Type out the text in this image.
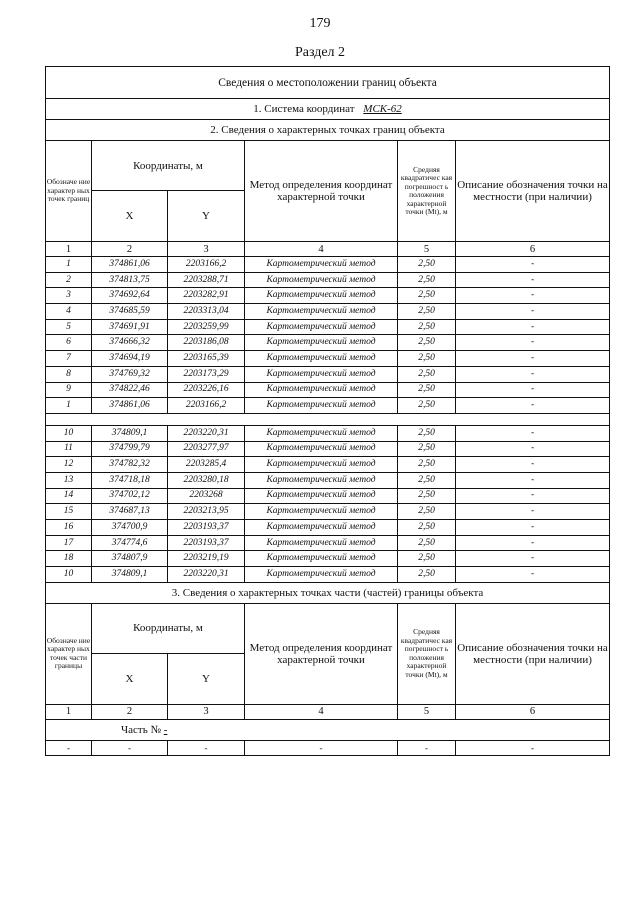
179
Раздел 2
Сведения о местоположении границ объекта					
1. Система координат МСК-62					
2. Сведения о характерных точках границ объекта					
Обозначе ние характер ных точек границ	Координаты, м		Метод определения координат характерной точки	Средняя квадратичес кая погрешност ь положения характерной точки (Mt), м	Описание обозначения точки на местности (при наличии)
	X	Y			
1	2	3	4	5	6
1	374861,06	2203166,2	Картометрический метод	2,50	-
2	374813,75	2203288,71	Картометрический метод	2,50	-
3	374692,64	2203282,91	Картометрический метод	2,50	-
4	374685,59	2203313,04	Картометрический метод	2,50	-
5	374691,91	2203259,99	Картометрический метод	2,50	-
6	374666,32	2203186,08	Картометрический метод	2,50	-
7	374694,19	2203165,39	Картометрический метод	2,50	-
8	374769,32	2203173,29	Картометрический метод	2,50	-
9	374822,46	2203226,16	Картометрический метод	2,50	-
1	374861,06	2203166,2	Картометрический метод	2,50	-

10	374809,1	2203220,31	Картометрический метод	2,50	-
11	374799,79	2203277,97	Картометрический метод	2,50	-
12	374782,32	2203285,4	Картометрический метод	2,50	-
13	374718,18	2203280,18	Картометрический метод	2,50	-
14	374702,12	2203268	Картометрический метод	2,50	-
15	374687,13	2203213,95	Картометрический метод	2,50	-
16	374700,9	2203193,37	Картометрический метод	2,50	-
17	374774,6	2203193,37	Картометрический метод	2,50	-
18	374807,9	2203219,19	Картометрический метод	2,50	-
10	374809,1	2203220,31	Картометрический метод	2,50	-
3. Сведения о характерных точках части (частей) границы объекта					
Обозначе ние характер ных точек части границы	Координаты, м		Метод определения координат характерной точки	Средняя квадратичес кая погрешност ь положения характерной точки (Mt), м	Описание обозначения точки на местности (при наличии)
	X	Y			
1	2	3	4	5	6
Часть № -					
-	-	-	-	-	-
